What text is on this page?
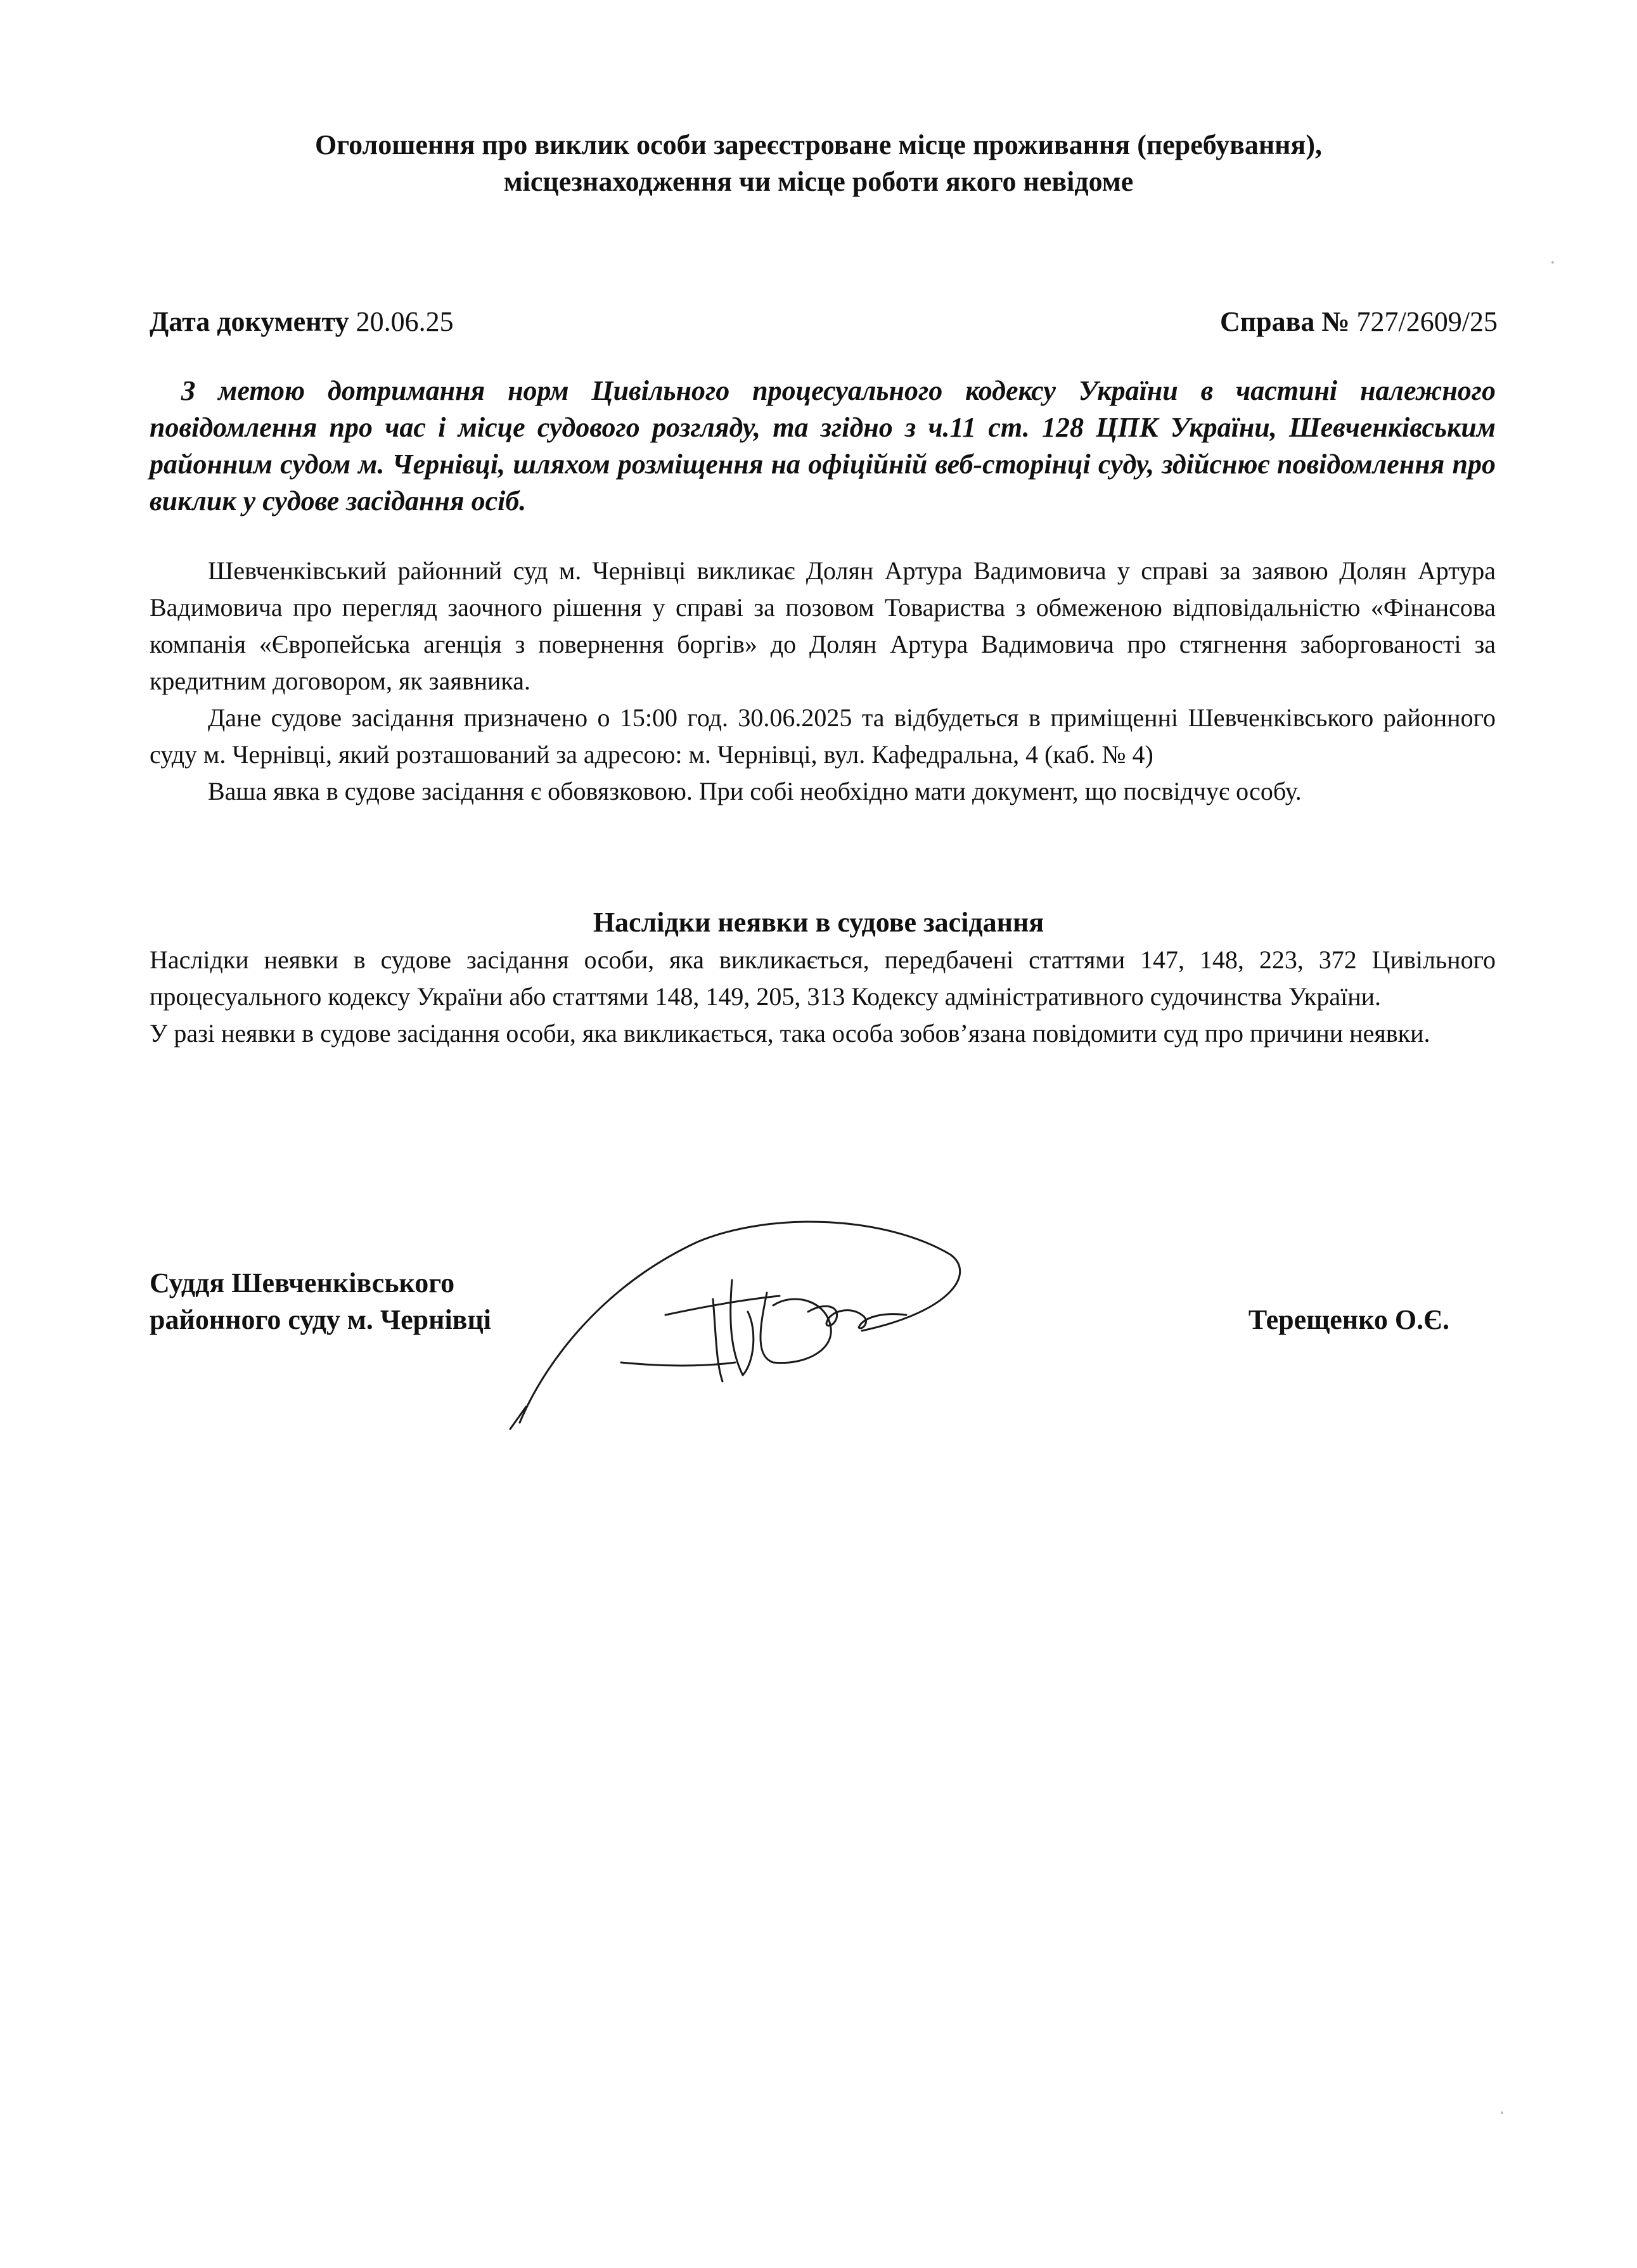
Оголошення про виклик особи зареєстроване місце проживання (перебування),
місцезнаходження чи місце роботи якого невідоме
Дата документу 20.06.25	Справа № 727/2609/25
З метою дотримання норм Цивільного процесуального кодексу України в частині належного повідомлення про час і місце судового розгляду, та згідно з ч.11 ст. 128 ЦПК України, Шевченківським районним судом м. Чернівці, шляхом розміщення на офіційній веб-сторінці суду, здійснює повідомлення про виклик у судове засідання осіб.

Шевченківський районний суд м. Чернівці викликає Долян Артура Вадимовича у справі за заявою Долян Артура Вадимовича про перегляд заочного рішення у справі за позовом Товариства з обмеженою відповідальністю «Фінансова компанія «Європейська агенція з повернення боргів» до Долян Артура Вадимовича про стягнення заборгованості за кредитним договором, як заявника.

Дане судове засідання призначено о 15:00 год. 30.06.2025 та відбудеться в приміщенні Шевченківського районного суду м. Чернівці, який розташований за адресою: м. Чернівці, вул. Кафедральна, 4 (каб. № 4)

Ваша явка в судове засідання є обовязковою. При собі необхідно мати документ, що посвідчує особу.

Наслідки неявки в судове засідання

Наслідки неявки в судове засідання особи, яка викликається, передбачені статтями 147, 148, 223, 372 Цивільного процесуального кодексу України або статтями 148, 149, 205, 313 Кодексу адміністративного судочинства України.

У разі неявки в судове засідання особи, яка викликається, така особа зобов’язана повідомити суд про причини неявки.

Суддя Шевченківського
районного суду м. Чернівці	Терещенко О.Є.
